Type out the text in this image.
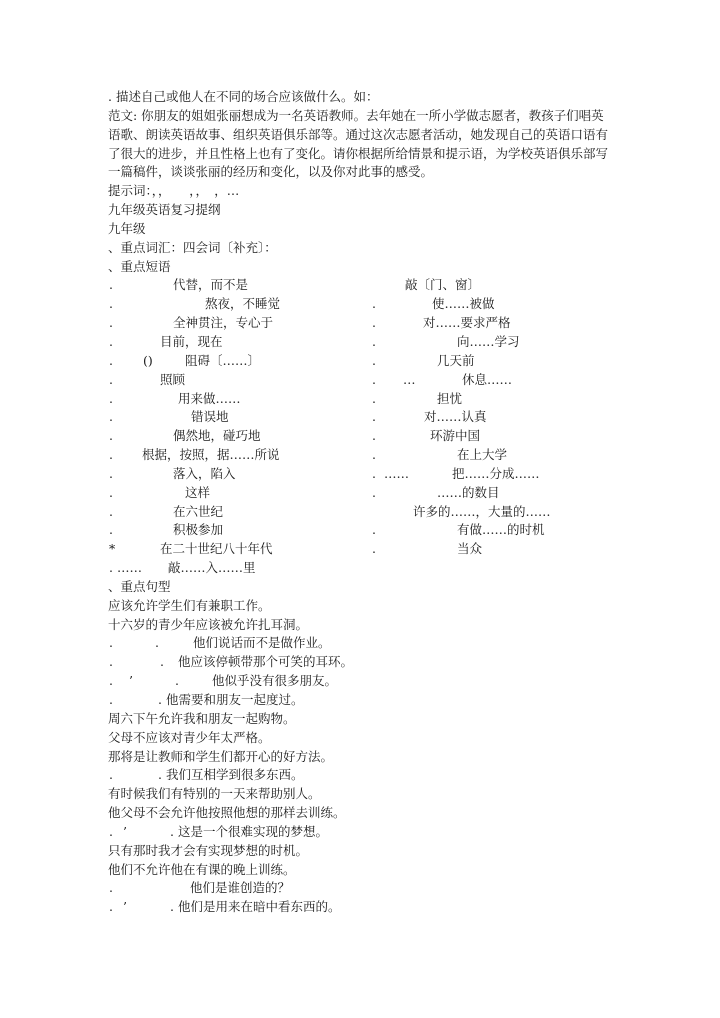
. 描述自己或他人在不同的场合应该做什么。如：
范文: 你朋友的姐姐张丽想成为一名英语教师。去年她在一所小学做志愿者，教孩子们唱英
语歌、朗读英语故事、组织英语俱乐部等。通过这次志愿者活动，她发现自己的英语口语有
了很大的进步，并且性格上也有了变化。请你根据所给情景和提示语，为学校英语俱乐部写
一篇稿件，谈谈张丽的经历和变化，以及你对此事的感受。
提示词：，，　　，，　，…
九年级英语复习提纲
九年级
、重点词汇：四会词〔补充〕：
、重点短语
.	代替，而不是	敲〔门、窗〕
.	熬夜，不睡觉	.	使……被做
.	全神贯注，专心于	.	对……要求严格
.	目前，现在	.	向……学习
. ()	阻碍〔……〕	.	几天前
.	照顾	. …	休息……
.	用来做……	.	担忧
.	错误地	.	对……认真
.	偶然地，碰巧地	.	环游中国
. 根据，按照，据……所说	.	在上大学
.	落入，陷入	. ……	把……分成……
.	这样	.	……的数目
.	在六世纪	许多的……，大量的……
.	积极参加	.	有做……的时机
*	在二十世纪八十年代	.	当众
. …… 敲……入……里
、重点句型
应该允许学生们有兼职工作。
十六岁的青少年应该被允许扎耳洞。
.	.	他们说话而不是做作业。
.	. 他应该停顿带那个可笑的耳环。
. ’	.	他似乎没有很多朋友。
.	. 他需要和朋友一起度过。
周六下午允许我和朋友一起购物。
父母不应该对青少年太严格。
那将是让教师和学生们都开心的好方法。
.	. 我们互相学到很多东西。
有时候我们有特别的一天来帮助别人。
他父母不会允许他按照他想的那样去训练。
. ’	. 这是一个很难实现的梦想。
只有那时我才会有实现梦想的时机。
他们不允许他在有课的晚上训练。
.	他们是谁创造的？
. ’	. 他们是用来在暗中看东西的。
